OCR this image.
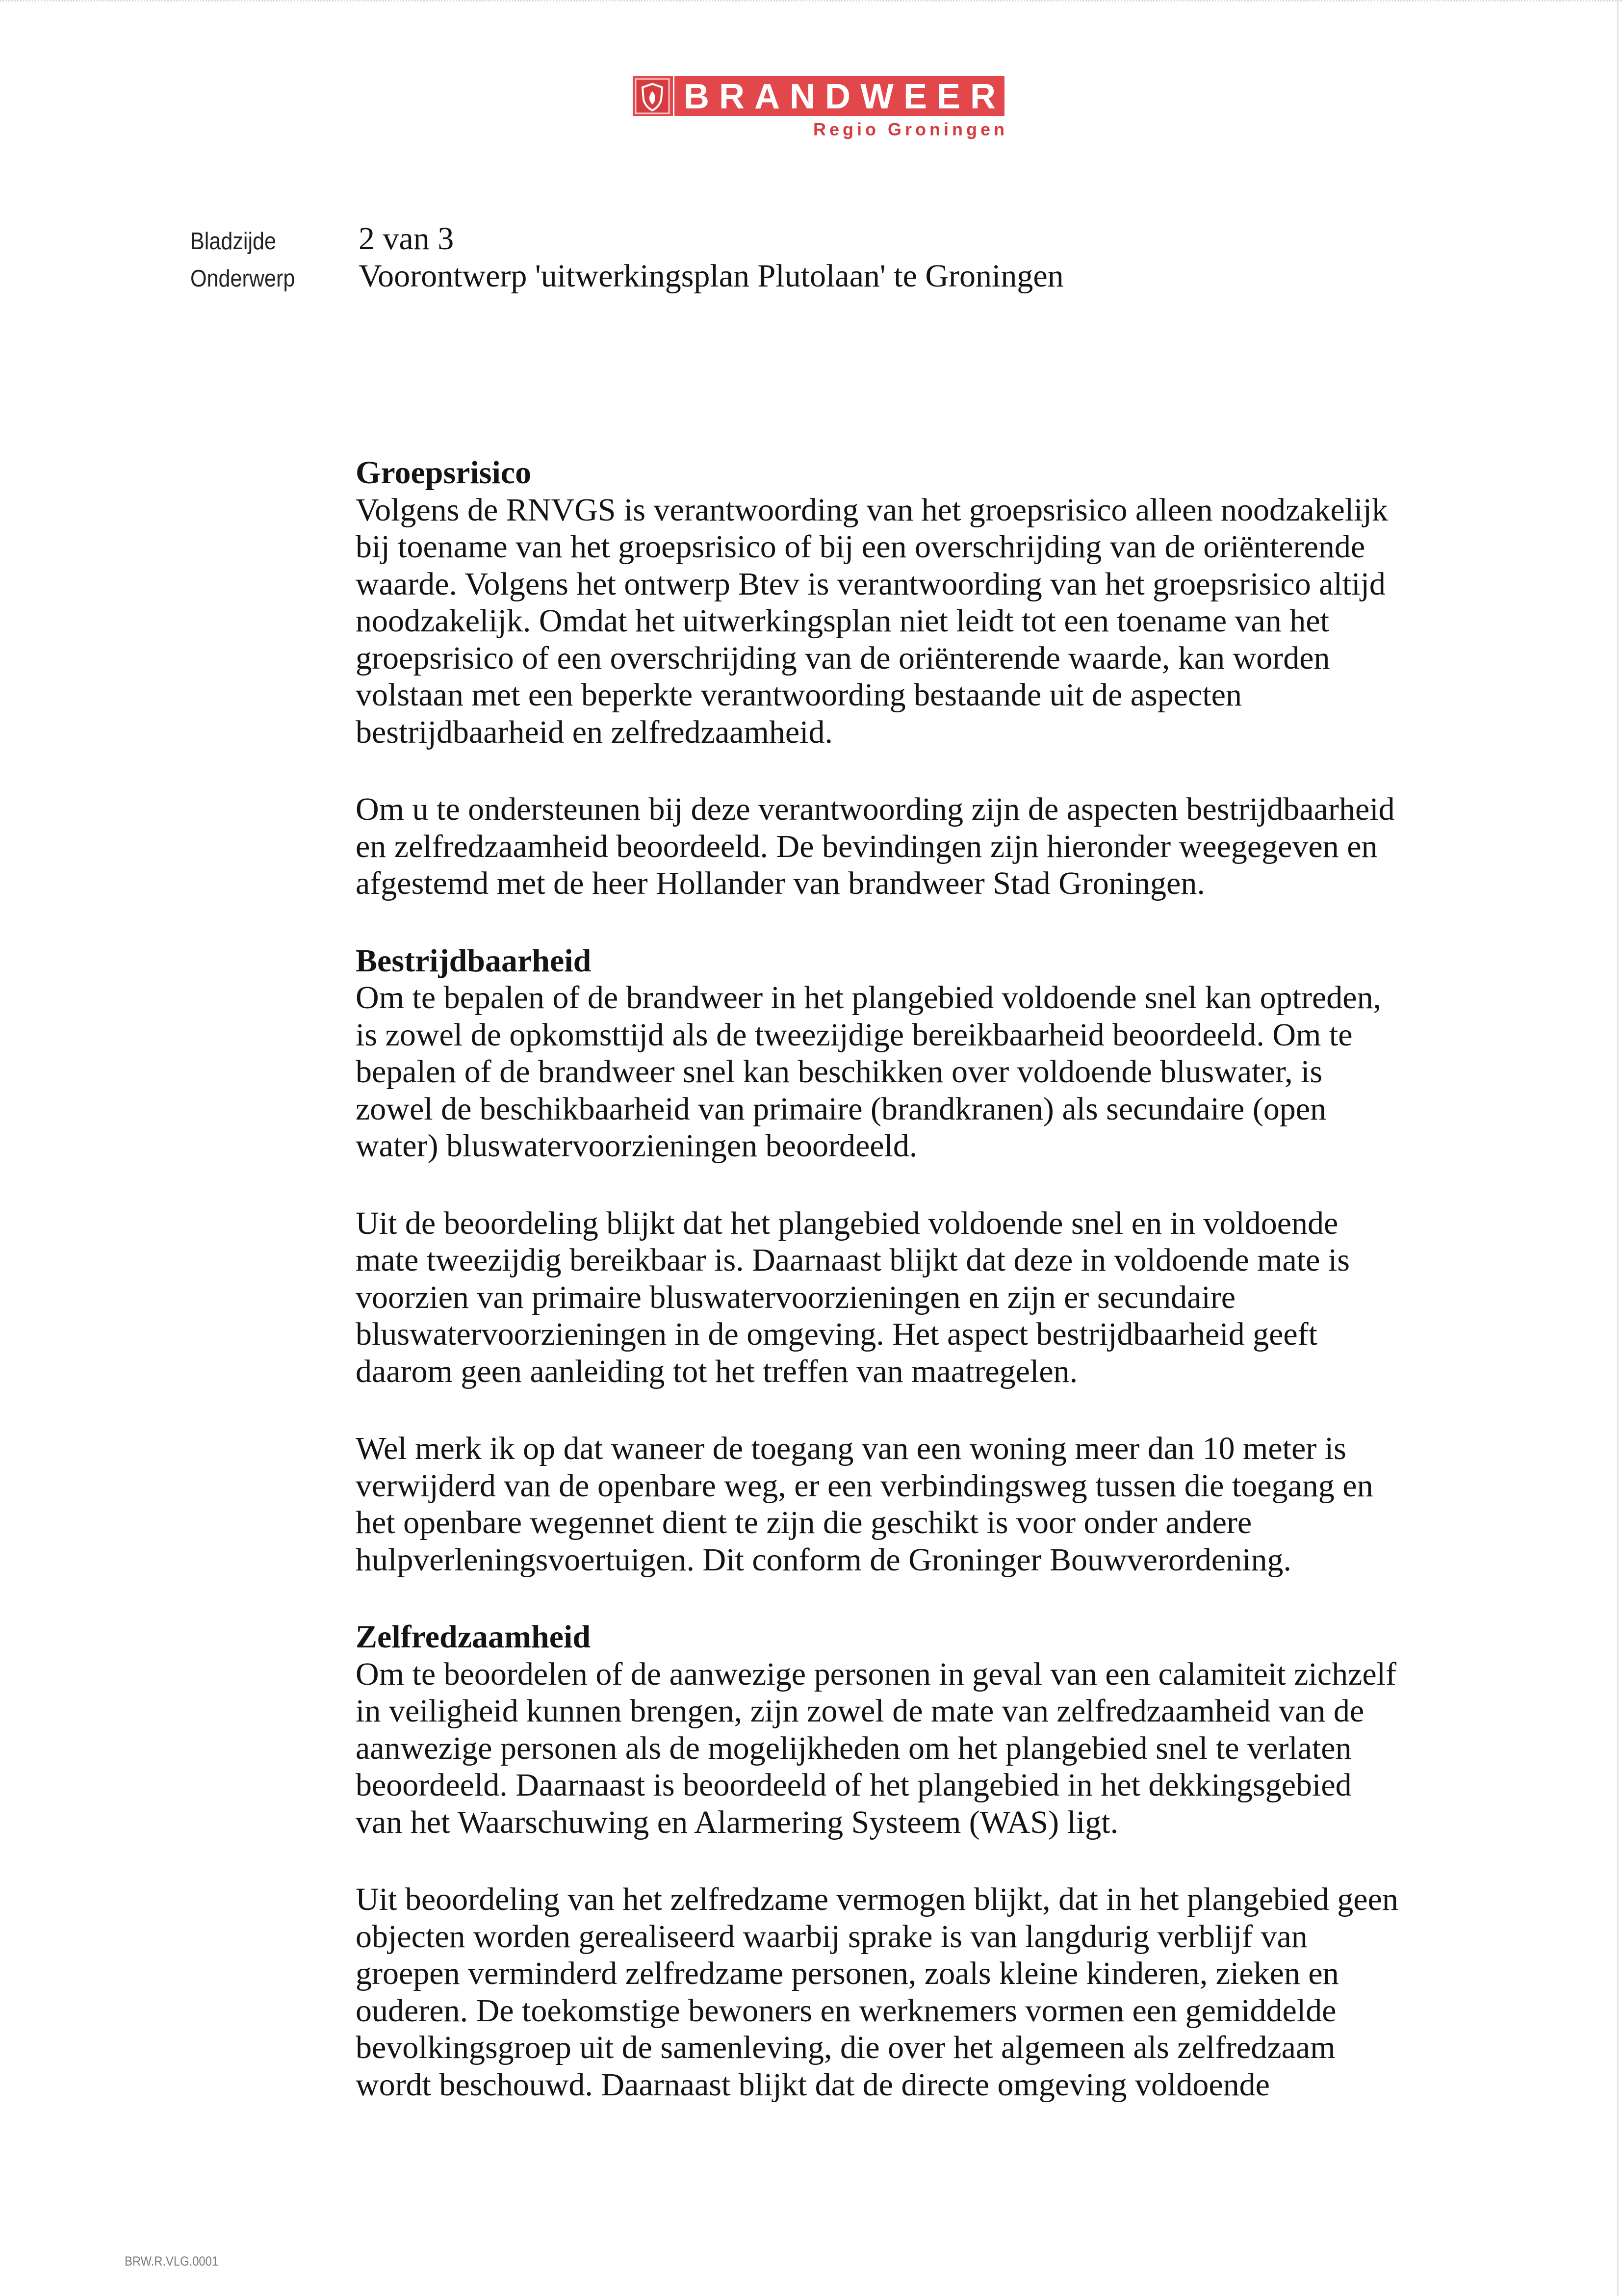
BRANDWEER
Regio Groningen
Bladzijde	2 van 3
Onderwerp	Voorontwerp 'uitwerkingsplan Plutolaan' te Groningen
Groepsrisico
Volgens de RNVGS is verantwoording van het groepsrisico alleen noodzakelijk
bij toename van het groepsrisico of bij een overschrijding van de oriënterende
waarde. Volgens het ontwerp Btev is verantwoording van het groepsrisico altijd
noodzakelijk. Omdat het uitwerkingsplan niet leidt tot een toename van het
groepsrisico of een overschrijding van de oriënterende waarde, kan worden
volstaan met een beperkte verantwoording bestaande uit de aspecten
bestrijdbaarheid en zelfredzaamheid.
Om u te ondersteunen bij deze verantwoording zijn de aspecten bestrijdbaarheid
en zelfredzaamheid beoordeeld. De bevindingen zijn hieronder weegegeven en
afgestemd met de heer Hollander van brandweer Stad Groningen.
Bestrijdbaarheid
Om te bepalen of de brandweer in het plangebied voldoende snel kan optreden,
is zowel de opkomsttijd als de tweezijdige bereikbaarheid beoordeeld. Om te
bepalen of de brandweer snel kan beschikken over voldoende bluswater, is
zowel de beschikbaarheid van primaire (brandkranen) als secundaire (open
water) bluswatervoorzieningen beoordeeld.
Uit de beoordeling blijkt dat het plangebied voldoende snel en in voldoende
mate tweezijdig bereikbaar is. Daarnaast blijkt dat deze in voldoende mate is
voorzien van primaire bluswatervoorzieningen en zijn er secundaire
bluswatervoorzieningen in de omgeving. Het aspect bestrijdbaarheid geeft
daarom geen aanleiding tot het treffen van maatregelen.
Wel merk ik op dat waneer de toegang van een woning meer dan 10 meter is
verwijderd van de openbare weg, er een verbindingsweg tussen die toegang en
het openbare wegennet dient te zijn die geschikt is voor onder andere
hulpverleningsvoertuigen. Dit conform de Groninger Bouwverordening.
Zelfredzaamheid
Om te beoordelen of de aanwezige personen in geval van een calamiteit zichzelf
in veiligheid kunnen brengen, zijn zowel de mate van zelfredzaamheid van de
aanwezige personen als de mogelijkheden om het plangebied snel te verlaten
beoordeeld. Daarnaast is beoordeeld of het plangebied in het dekkingsgebied
van het Waarschuwing en Alarmering Systeem (WAS) ligt.
Uit beoordeling van het zelfredzame vermogen blijkt, dat in het plangebied geen
objecten worden gerealiseerd waarbij sprake is van langdurig verblijf van
groepen verminderd zelfredzame personen, zoals kleine kinderen, zieken en
ouderen. De toekomstige bewoners en werknemers vormen een gemiddelde
bevolkingsgroep uit de samenleving, die over het algemeen als zelfredzaam
wordt beschouwd. Daarnaast blijkt dat de directe omgeving voldoende
BRW.R.VLG.0001
